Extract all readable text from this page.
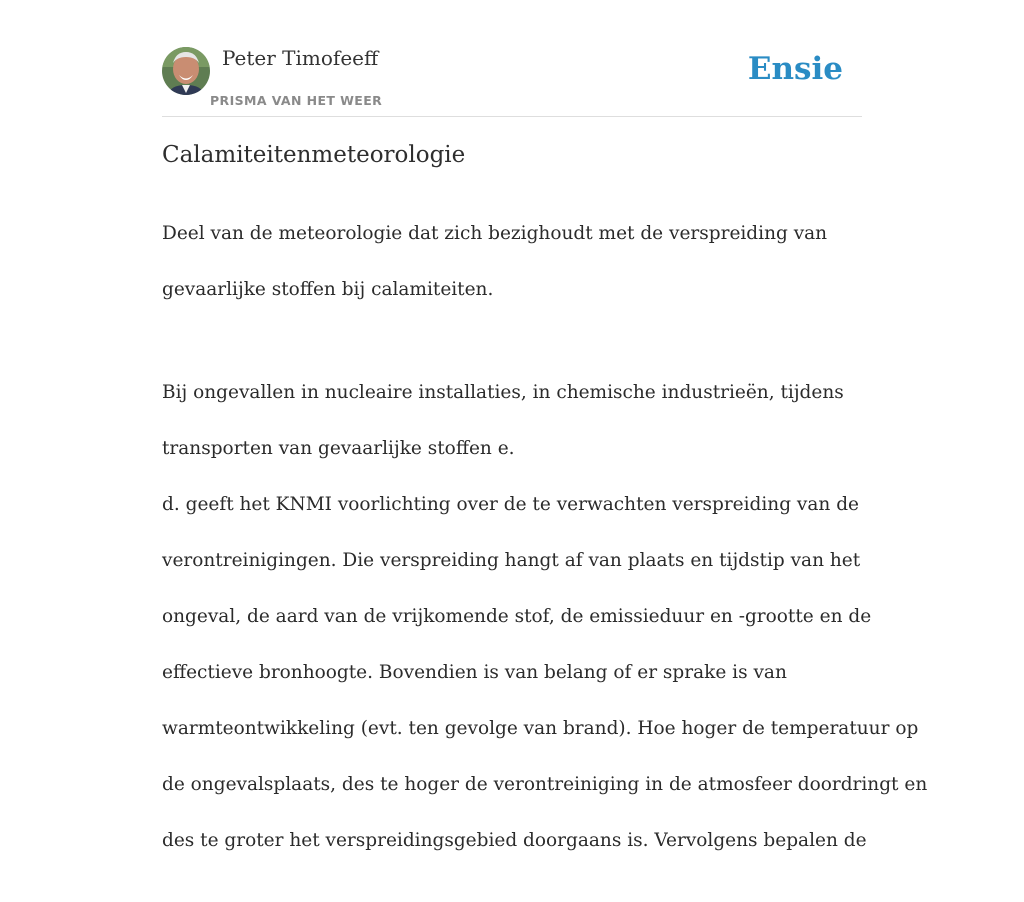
Peter Timofeeff
PRISMA VAN HET WEER
Ensie
Calamiteitenmeteorologie

Deel van de meteorologie dat zich bezighoudt met de verspreiding van

gevaarlijke stoffen bij calamiteiten.

Bij ongevallen in nucleaire installaties, in chemische industrieën, tijdens

transporten van gevaarlijke stoffen e.

d. geeft het KNMI voorlichting over de te verwachten verspreiding van de

verontreinigingen. Die verspreiding hangt af van plaats en tijdstip van het

ongeval, de aard van de vrijkomende stof, de emissieduur en -grootte en de

effectieve bronhoogte. Bovendien is van belang of er sprake is van

warmteontwikkeling (evt. ten gevolge van brand). Hoe hoger de temperatuur op

de ongevalsplaats, des te hoger de verontreiniging in de atmosfeer doordringt en

des te groter het verspreidingsgebied doorgaans is. Vervolgens bepalen de
